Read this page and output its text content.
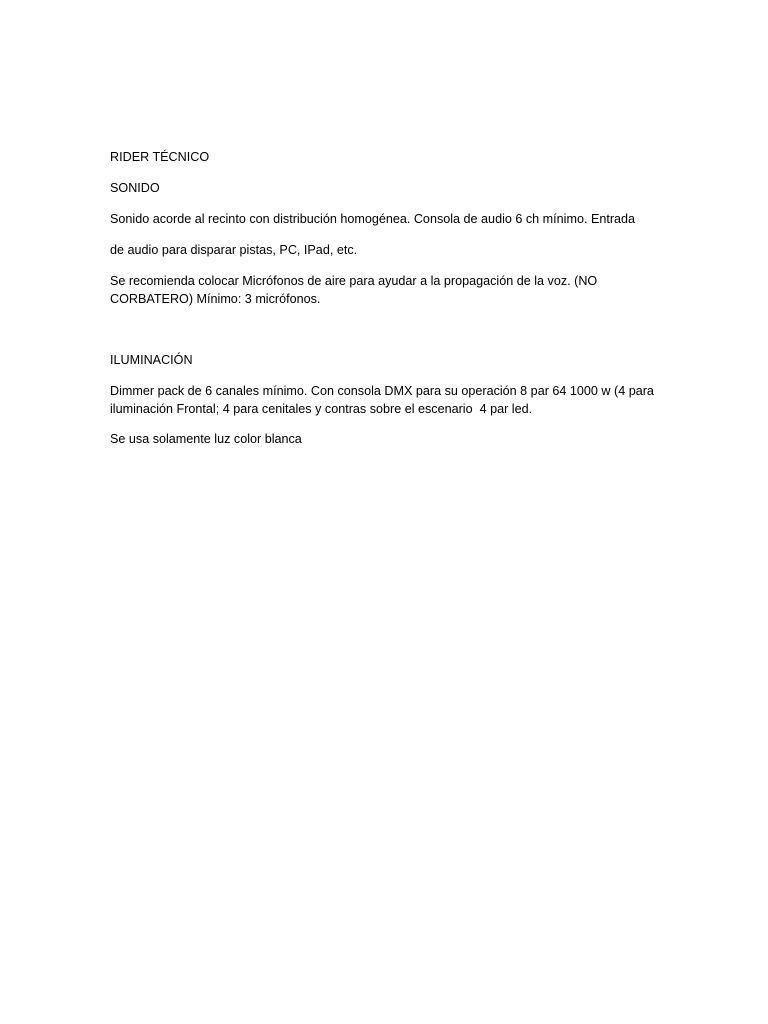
RIDER TÉCNICO

SONIDO

Sonido acorde al recinto con distribución homogénea. Consola de audio 6 ch mínimo. Entrada

de audio para disparar pistas, PC, IPad, etc.

Se recomienda colocar Micrófonos de aire para ayudar a la propagación de la voz. (NO CORBATERO) Mínimo: 3 micrófonos.

ILUMINACIÓN

Dimmer pack de 6 canales mínimo. Con consola DMX para su operación 8 par 64 1000 w (4 para iluminación Frontal; 4 para cenitales y contras sobre el escenario  4 par led.

Se usa solamente luz color blanca
